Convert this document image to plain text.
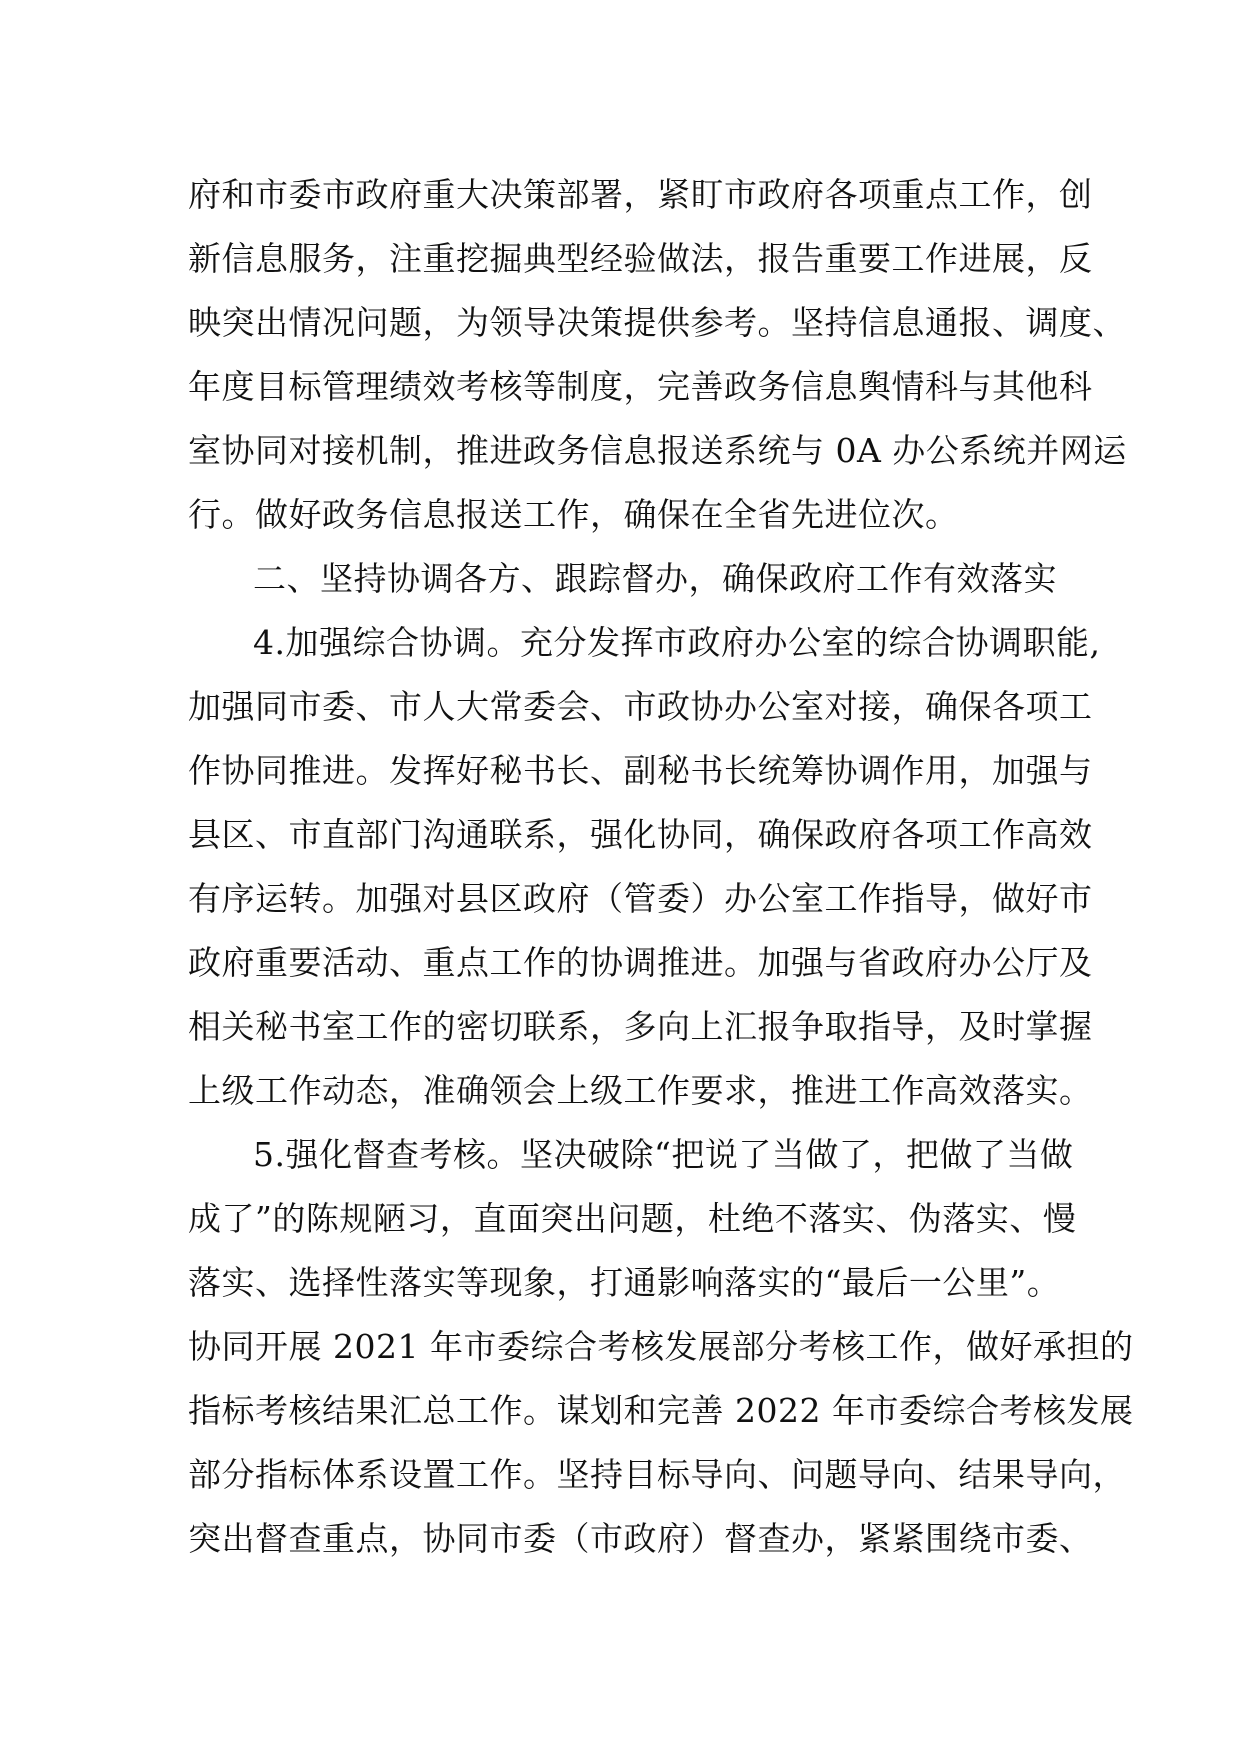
府和市委市政府重大决策部署，紧盯市政府各项重点工作，创
新信息服务，注重挖掘典型经验做法，报告重要工作进展，反
映突出情况问题，为领导决策提供参考。坚持信息通报、调度、
年度目标管理绩效考核等制度，完善政务信息舆情科与其他科
室协同对接机制，推进政务信息报送系统与 0A 办公系统并网运
行。做好政务信息报送工作，确保在全省先进位次。
二、坚持协调各方、跟踪督办，确保政府工作有效落实
4.加强综合协调。充分发挥市政府办公室的综合协调职能,
加强同市委、市人大常委会、市政协办公室对接，确保各项工
作协同推进。发挥好秘书长、副秘书长统筹协调作用，加强与
县区、市直部门沟通联系，强化协同，确保政府各项工作高效
有序运转。加强对县区政府（管委）办公室工作指导，做好市
政府重要活动、重点工作的协调推进。加强与省政府办公厅及
相关秘书室工作的密切联系，多向上汇报争取指导，及时掌握
上级工作动态，准确领会上级工作要求，推进工作高效落实。
5.强化督查考核。坚决破除“把说了当做了，把做了当做
成了”的陈规陋习，直面突出问题，杜绝不落实、伪落实、慢
落实、选择性落实等现象，打通影响落实的“最后一公里”。
协同开展 2021 年市委综合考核发展部分考核工作，做好承担的
指标考核结果汇总工作。谋划和完善 2022 年市委综合考核发展
部分指标体系设置工作。坚持目标导向、问题导向、结果导向，
突出督查重点，协同市委（市政府）督查办，紧紧围绕市委、
